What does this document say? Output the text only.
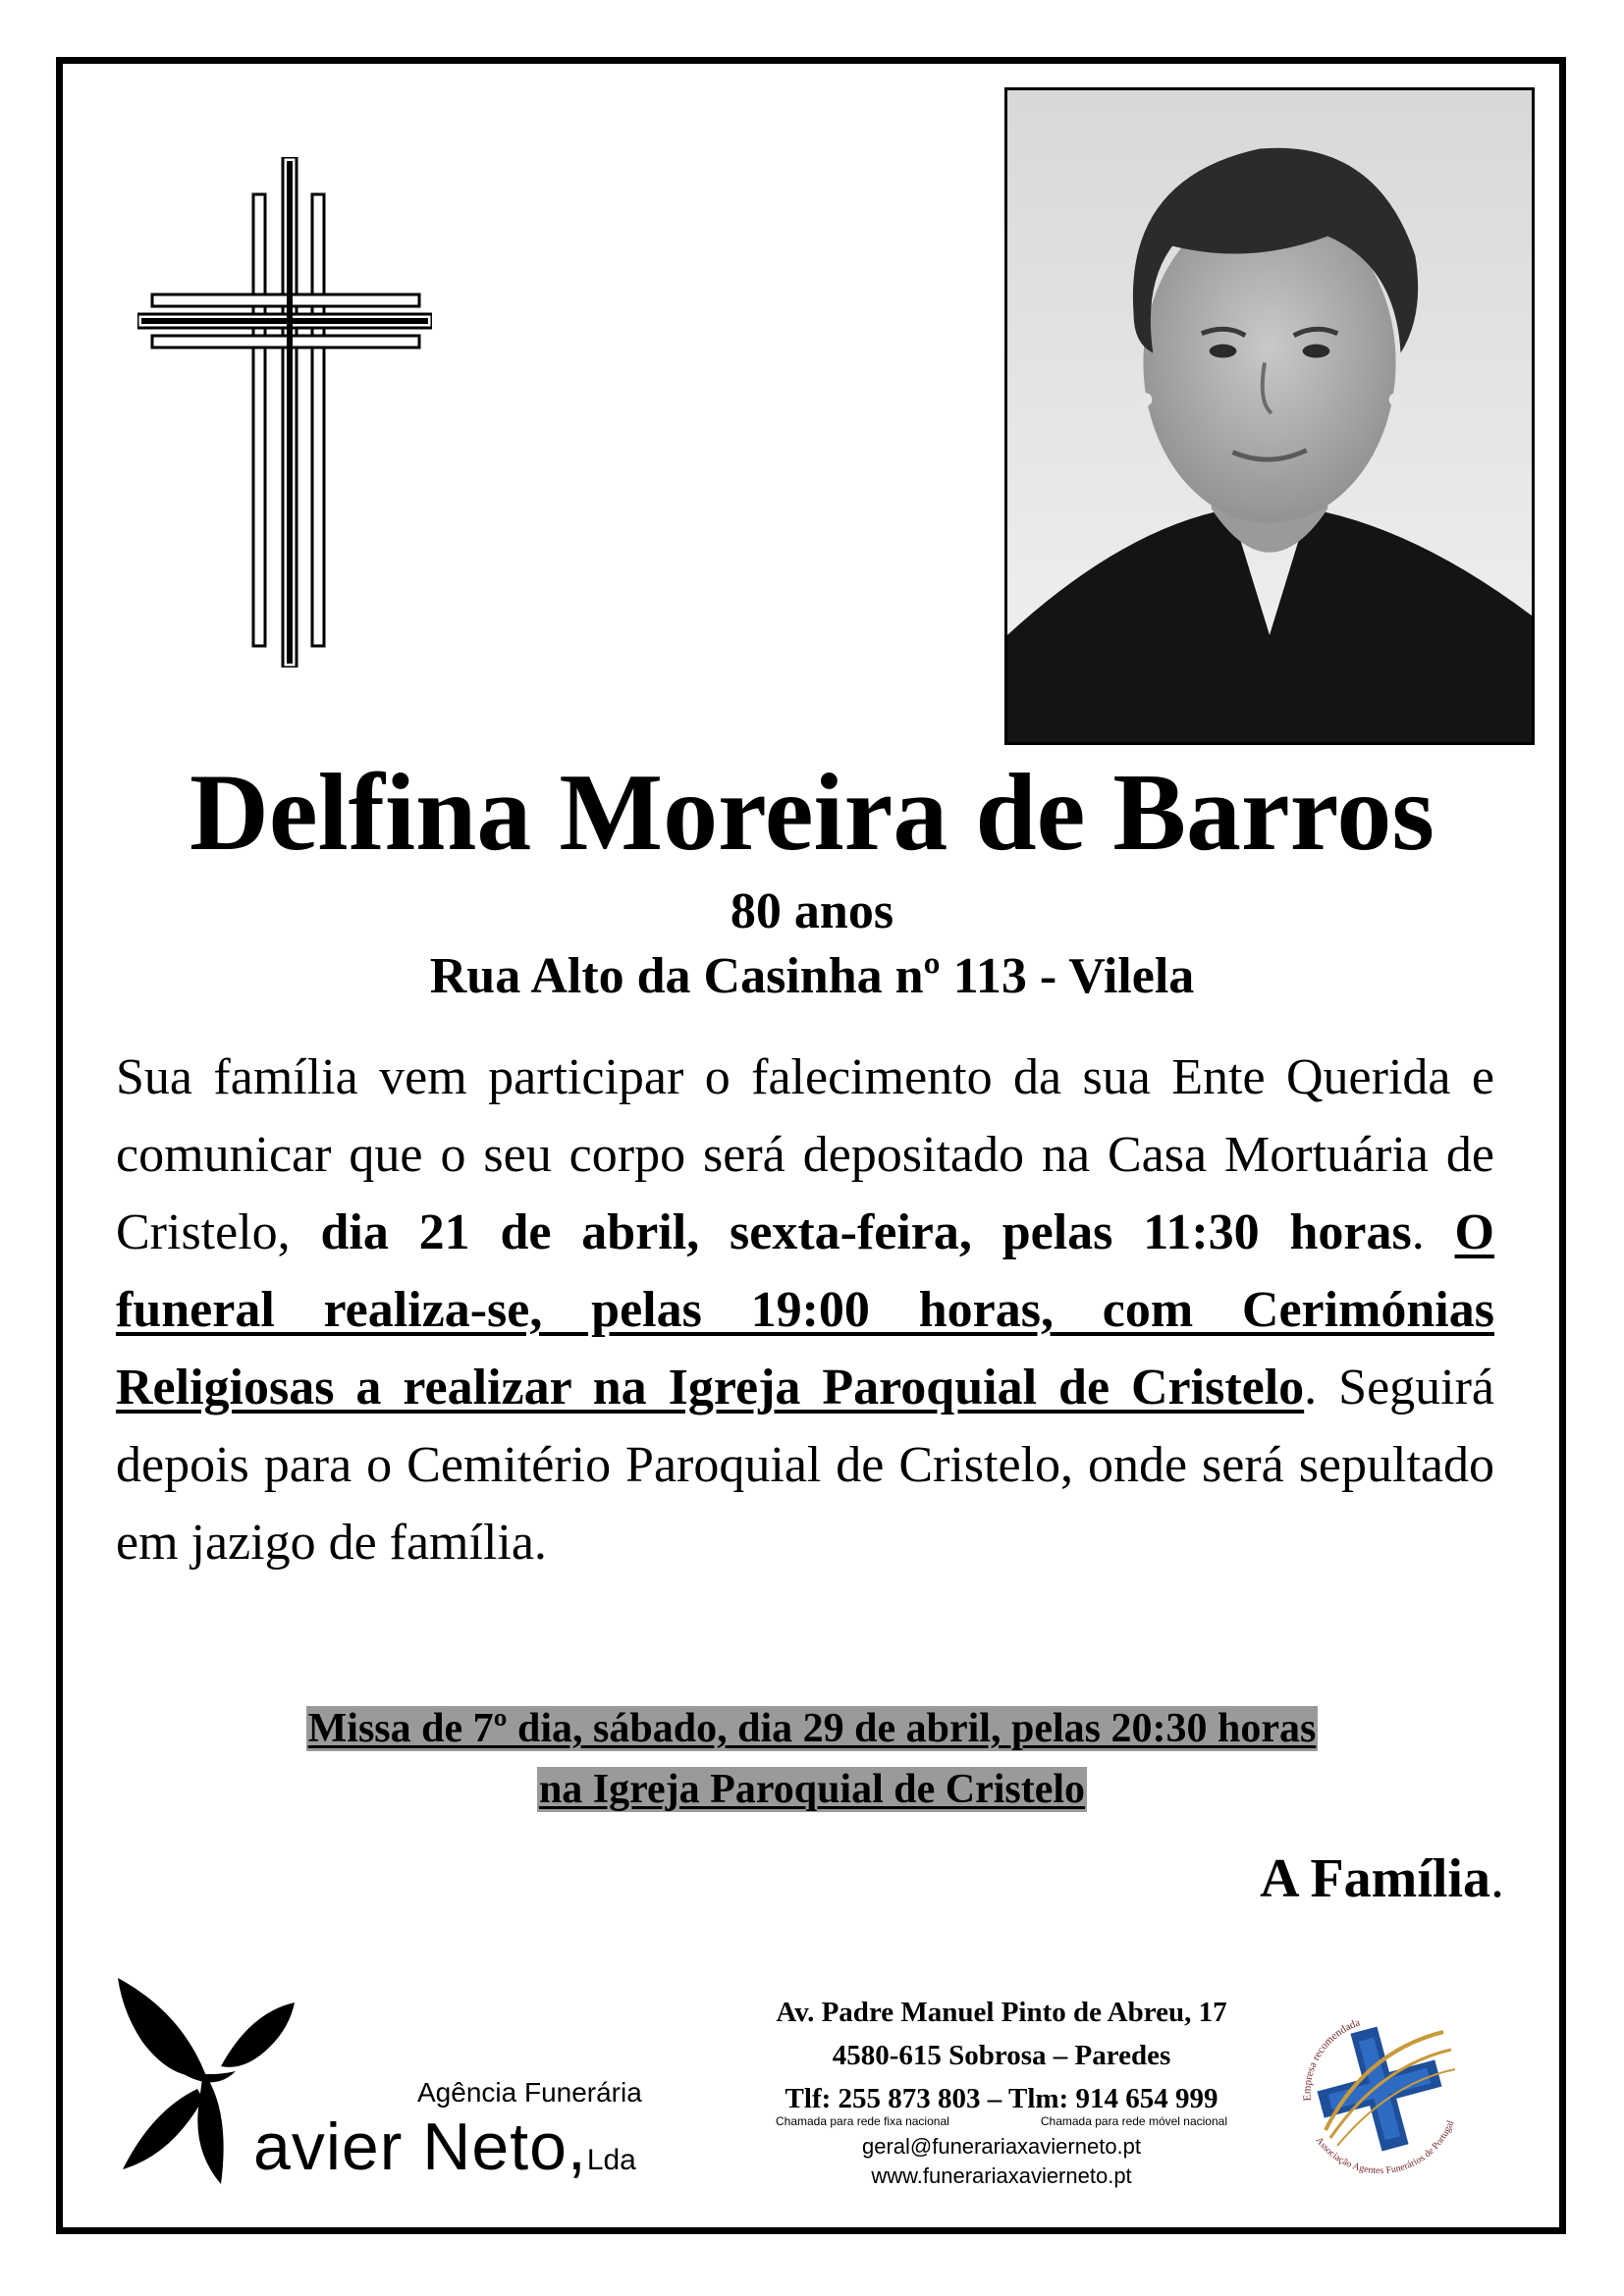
Delfina Moreira de Barros
80 anos
Rua Alto da Casinha nº 113 - Vilela
Sua família vem participar o falecimento da sua Ente Querida e comunicar que o seu corpo será depositado na Casa Mortuária de Cristelo, dia 21 de abril, sexta-feira, pelas 11:30 horas. O funeral realiza-se, pelas 19:00 horas, com Cerimónias Religiosas a realizar na Igreja Paroquial de Cristelo. Seguirá depois para o Cemitério Paroquial de Cristelo, onde será sepultado em jazigo de família.
Missa de 7º dia, sábado, dia 29 de abril, pelas 20:30 horas
na Igreja Paroquial de Cristelo
A Família.
Agência Funerária
avier Neto,Lda
Av. Padre Manuel Pinto de Abreu, 17
4580-615 Sobrosa – Paredes
Tlf: 255 873 803 – Tlm: 914 654 999
Chamada para rede fixa nacional	Chamada para rede móvel nacional
geral@funerariaxavierneto.pt
www.funerariaxavierneto.pt
Empresa recomendada
Associação Agentes Funerários de Portugal
